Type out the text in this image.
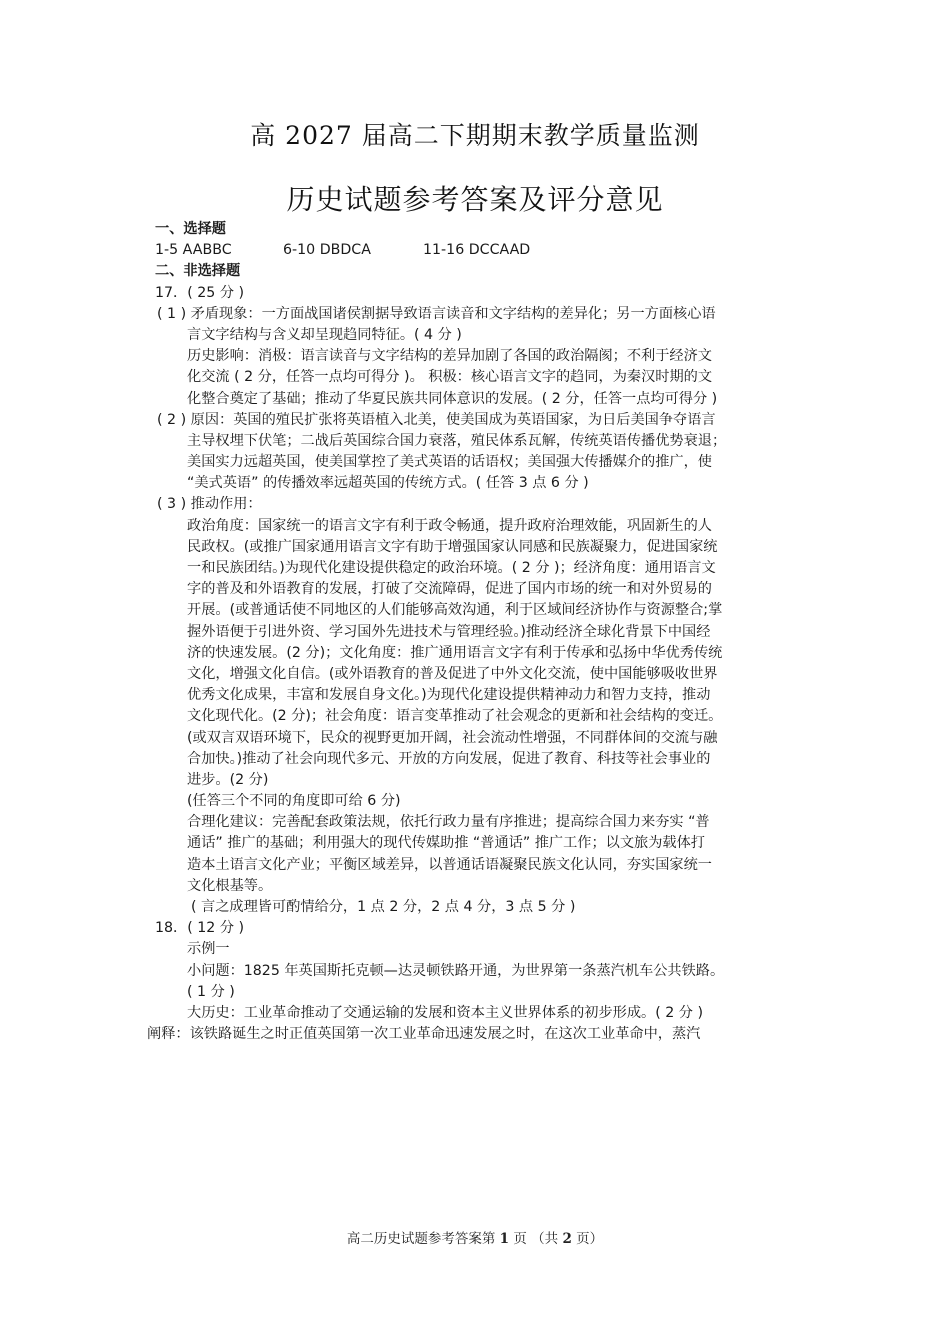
高 2027 届高二下期期末教学质量监测
历史试题参考答案及评分意见
一、选择题
1-5 AABBC	6-10 DBDCA	11-16 DCCAAD
二、非选择题
17．( 25 分 )
( 1 ) 矛盾现象：一方面战国诸侯割据导致语言读音和文字结构的差异化；另一方面核心语
言文字结构与含义却呈现趋同特征。( 4 分 )
历史影响：消极：语言读音与文字结构的差异加剧了各国的政治隔阂；不利于经济文
化交流 ( 2 分，任答一点均可得分 )。 积极：核心语言文字的趋同，为秦汉时期的文
化整合奠定了基础；推动了华夏民族共同体意识的发展。( 2 分，任答一点均可得分 )
( 2 ) 原因：英国的殖民扩张将英语植入北美，使美国成为英语国家，为日后美国争夺语言
主导权埋下伏笔；二战后英国综合国力衰落，殖民体系瓦解，传统英语传播优势衰退；
美国实力远超英国，使美国掌控了美式英语的话语权；美国强大传播媒介的推广，使
“美式英语” 的传播效率远超英国的传统方式。( 任答 3 点 6 分 )
( 3 ) 推动作用：
政治角度：国家统一的语言文字有利于政令畅通，提升政府治理效能，巩固新生的人
民政权。(或推广国家通用语言文字有助于增强国家认同感和民族凝聚力，促进国家统
一和民族团结。)为现代化建设提供稳定的政治环境。( 2 分 )；经济角度：通用语言文
字的普及和外语教育的发展，打破了交流障碍，促进了国内市场的统一和对外贸易的
开展。(或普通话使不同地区的人们能够高效沟通，利于区域间经济协作与资源整合;掌
握外语便于引进外资、学习国外先进技术与管理经验。)推动经济全球化背景下中国经
济的快速发展。(2 分)；文化角度：推广通用语言文字有利于传承和弘扬中华优秀传统
文化，增强文化自信。(或外语教育的普及促进了中外文化交流，使中国能够吸收世界
优秀文化成果，丰富和发展自身文化。)为现代化建设提供精神动力和智力支持，推动
文化现代化。(2 分)；社会角度：语言变革推动了社会观念的更新和社会结构的变迁。
(或双言双语环境下，民众的视野更加开阔，社会流动性增强，不同群体间的交流与融
合加快。)推动了社会向现代多元、开放的方向发展，促进了教育、科技等社会事业的
进步。(2 分)
(任答三个不同的角度即可给 6 分)
合理化建议：完善配套政策法规，依托行政力量有序推进；提高综合国力来夯实 “普
通话” 推广的基础；利用强大的现代传媒助推 “普通话” 推广工作；以文旅为载体打
造本土语言文化产业；平衡区域差异，以普通话语凝聚民族文化认同，夯实国家统一
文化根基等。
( 言之成理皆可酌情给分，1 点 2 分，2 点 4 分，3 点 5 分 )
18．( 12 分 )
示例一
小问题：1825 年英国斯托克顿—达灵顿铁路开通，为世界第一条蒸汽机车公共铁路。
( 1 分 )
大历史：工业革命推动了交通运输的发展和资本主义世界体系的初步形成。( 2 分 )
阐释：该铁路诞生之时正值英国第一次工业革命迅速发展之时，在这次工业革命中，蒸汽
高二历史试题参考答案第 1 页 （共 2 页）
